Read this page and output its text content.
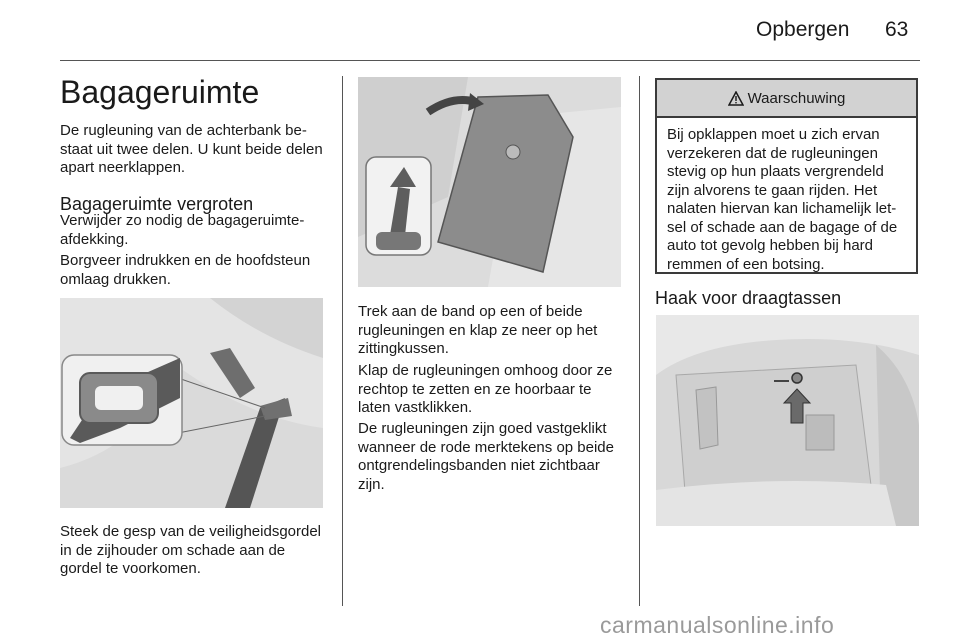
Opbergen 63
Bagageruimte
De rugleuning van de achterbank bestaat uit twee delen. U kunt beide delen apart neerklappen.
Bagageruimte vergroten
Verwijder zo nodig de bagageruimteafdekking.
Borgveer indrukken en de hoofdsteun omlaag drukken.
Steek de gesp van de veiligheidsgordel in de zijhouder om schade aan de gordel te voorkomen.
Trek aan de band op een of beide rugleuningen en klap ze neer op het zittingkussen.
Klap de rugleuningen omhoog door ze rechtop te zetten en ze hoorbaar te laten vastklikken.
De rugleuningen zijn goed vastgeklikt wanneer de rode merktekens op beide ontgrendelingsbanden niet zichtbaar zijn.
Waarschuwing
Bij opklappen moet u zich ervan verzekeren dat de rugleuningen stevig op hun plaats vergrendeld zijn alvorens te gaan rijden. Het nalaten hiervan kan lichamelijk letsel of schade aan de bagage of de auto tot gevolg hebben bij hard remmen of een botsing.
Haak voor draagtassen
carmanualsonline.info
